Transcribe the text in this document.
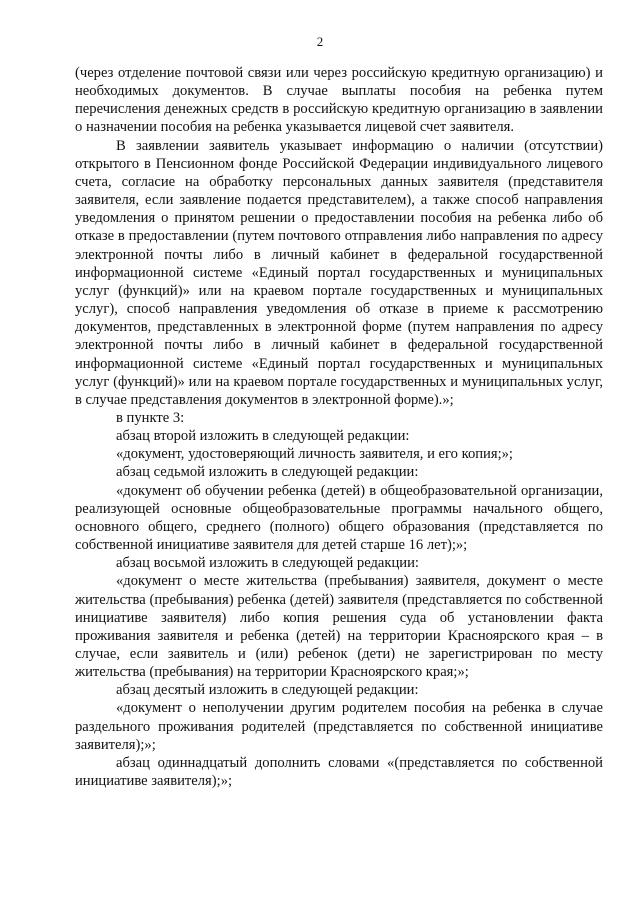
2

(через отделение почтовой связи или через российскую кредитную организацию) и необходимых документов. В случае выплаты пособия на ребенка путем перечисления денежных средств в российскую кредитную организацию в заявлении о назначении пособия на ребенка указывается лицевой счет заявителя.

В заявлении заявитель указывает информацию о наличии (отсутствии) открытого в Пенсионном фонде Российской Федерации индивидуального лицевого счета, согласие на обработку персональных данных заявителя (представителя заявителя, если заявление подается представителем), а также способ направления уведомления о принятом решении о предоставлении пособия на ребенка либо об отказе в предоставлении (путем почтового отправления либо направления по адресу электронной почты либо в личный кабинет в федеральной государственной информационной системе «Единый портал государственных и муниципальных услуг (функций)» или на краевом портале государственных и муниципальных услуг), способ направления уведомления об отказе в приеме к рассмотрению документов, представленных в электронной форме (путем направления по адресу электронной почты либо в личный кабинет в федеральной государственной информационной системе «Единый портал государственных и муниципальных услуг (функций)» или на краевом портале государственных и муниципальных услуг, в случае представления документов в электронной форме).»;

в пункте 3:

абзац второй изложить в следующей редакции:

«документ, удостоверяющий личность заявителя, и его копия;»;

абзац седьмой изложить в следующей редакции:

«документ об обучении ребенка (детей) в общеобразовательной организации, реализующей основные общеобразовательные программы начального общего, основного общего, среднего (полного) общего образования (представляется по собственной инициативе заявителя для детей старше 16 лет);»;

абзац восьмой изложить в следующей редакции:

«документ о месте жительства (пребывания) заявителя, документ о месте жительства (пребывания) ребенка (детей) заявителя (представляется по собственной инициативе заявителя) либо копия решения суда об установлении факта проживания заявителя и ребенка (детей) на территории Красноярского края – в случае, если заявитель и (или) ребенок (дети) не зарегистрирован по месту жительства (пребывания) на территории Красноярского края;»;

абзац десятый изложить в следующей редакции:

«документ о неполучении другим родителем пособия на ребенка в случае раздельного проживания родителей (представляется по собственной инициативе заявителя);»;

абзац одиннадцатый дополнить словами «(представляется по собственной инициативе заявителя);»;
